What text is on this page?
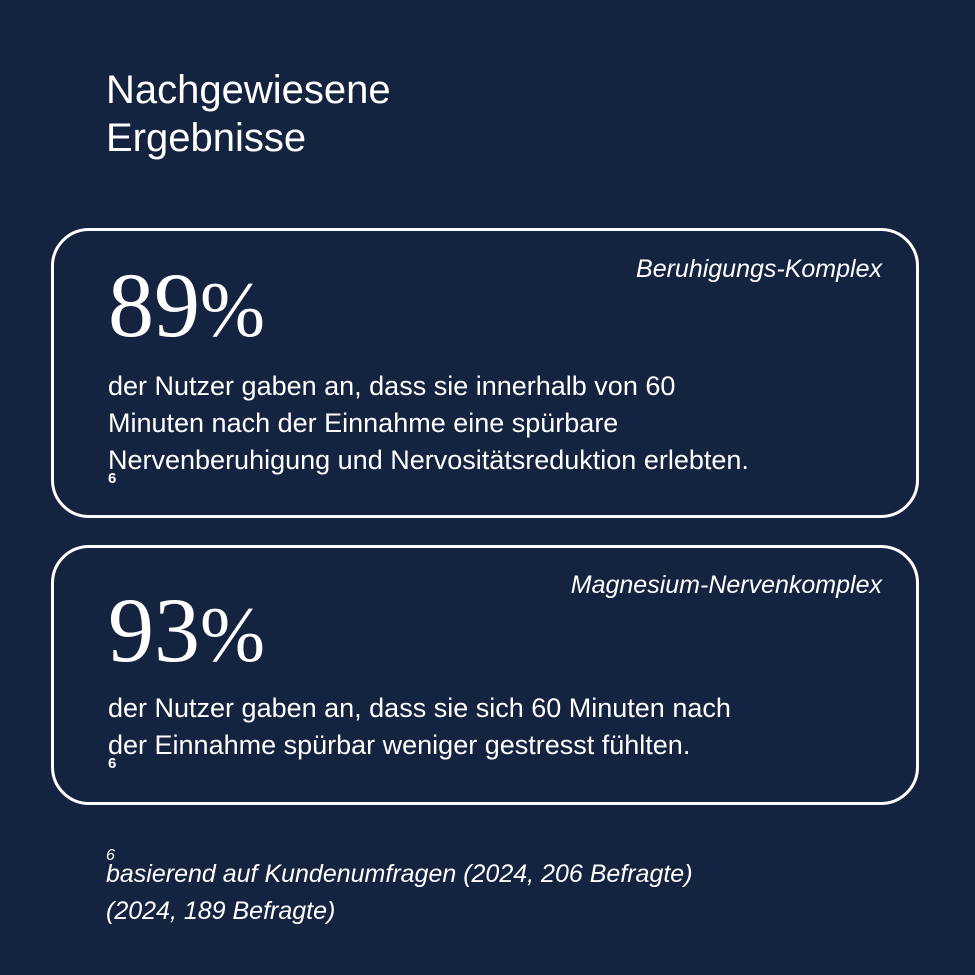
Nachgewiesene
Ergebnisse
89%	Beruhigungs-Komplex

der Nutzer gaben an, dass sie innerhalb von 60
Minuten nach der Einnahme eine spürbare
Nervenberuhigung und Nervositätsreduktion erlebten.
6

93%
Magnesium-Nervenkomplex

der Nutzer gaben an, dass sie sich 60 Minuten nach
der Einnahme spürbar weniger gestresst fühlten.
6

6
basierend auf Kundenumfragen (2024, 206 Befragte)
(2024, 189 Befragte)
